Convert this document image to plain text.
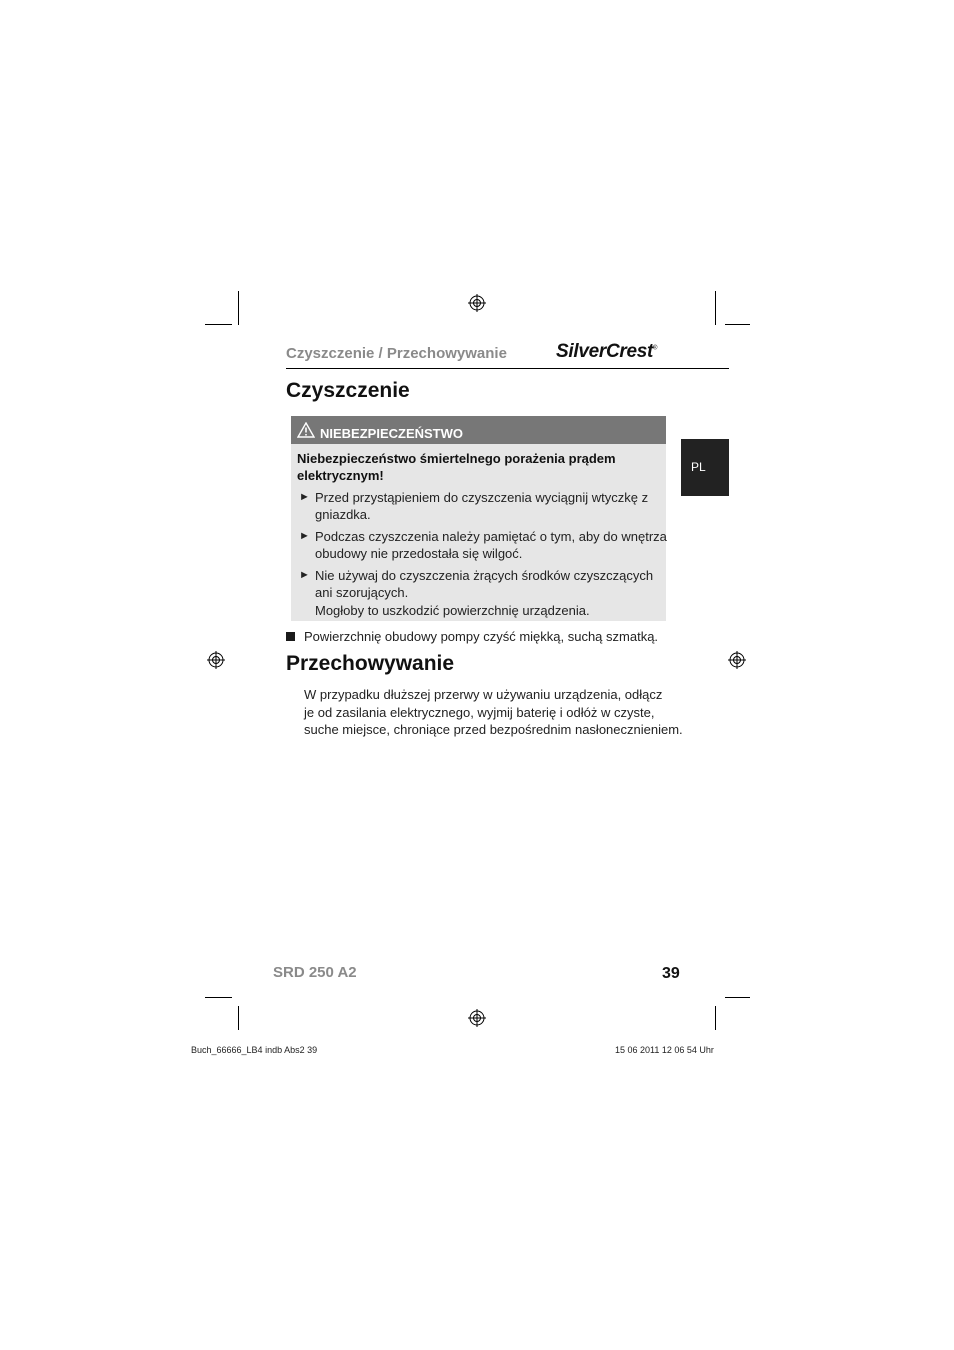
Czyszczenie / Przechowywanie	SilverCrest®
Czyszczenie
NIEBEZPIECZEŃSTWO
Niebezpieczeństwo śmiertelnego porażenia prądem elektrycznym!
► Przed przystąpieniem do czyszczenia wyciągnij wtyczkę z
gniazdka.
► Podczas czyszczenia należy pamiętać o tym, aby do wnętrza
obudowy nie przedostała się wilgoć.
► Nie używaj do czyszczenia żrących środków czyszczących
ani szorujących.
Mogłoby to uszkodzić powierzchnię urządzenia.
Powierzchnię obudowy pompy czyść miękką, suchą szmatką.
Przechowywanie
W przypadku dłuższej przerwy w używaniu urządzenia, odłącz
je od zasilania elektrycznego, wyjmij baterię i odłóż w czyste,
suche miejsce, chroniące przed bezpośrednim nasłonecznieniem.
PL
SRD 250 A2	39
Buch_66666_LB4 indb Abs2 39	15 06 2011 12 06 54 Uhr
